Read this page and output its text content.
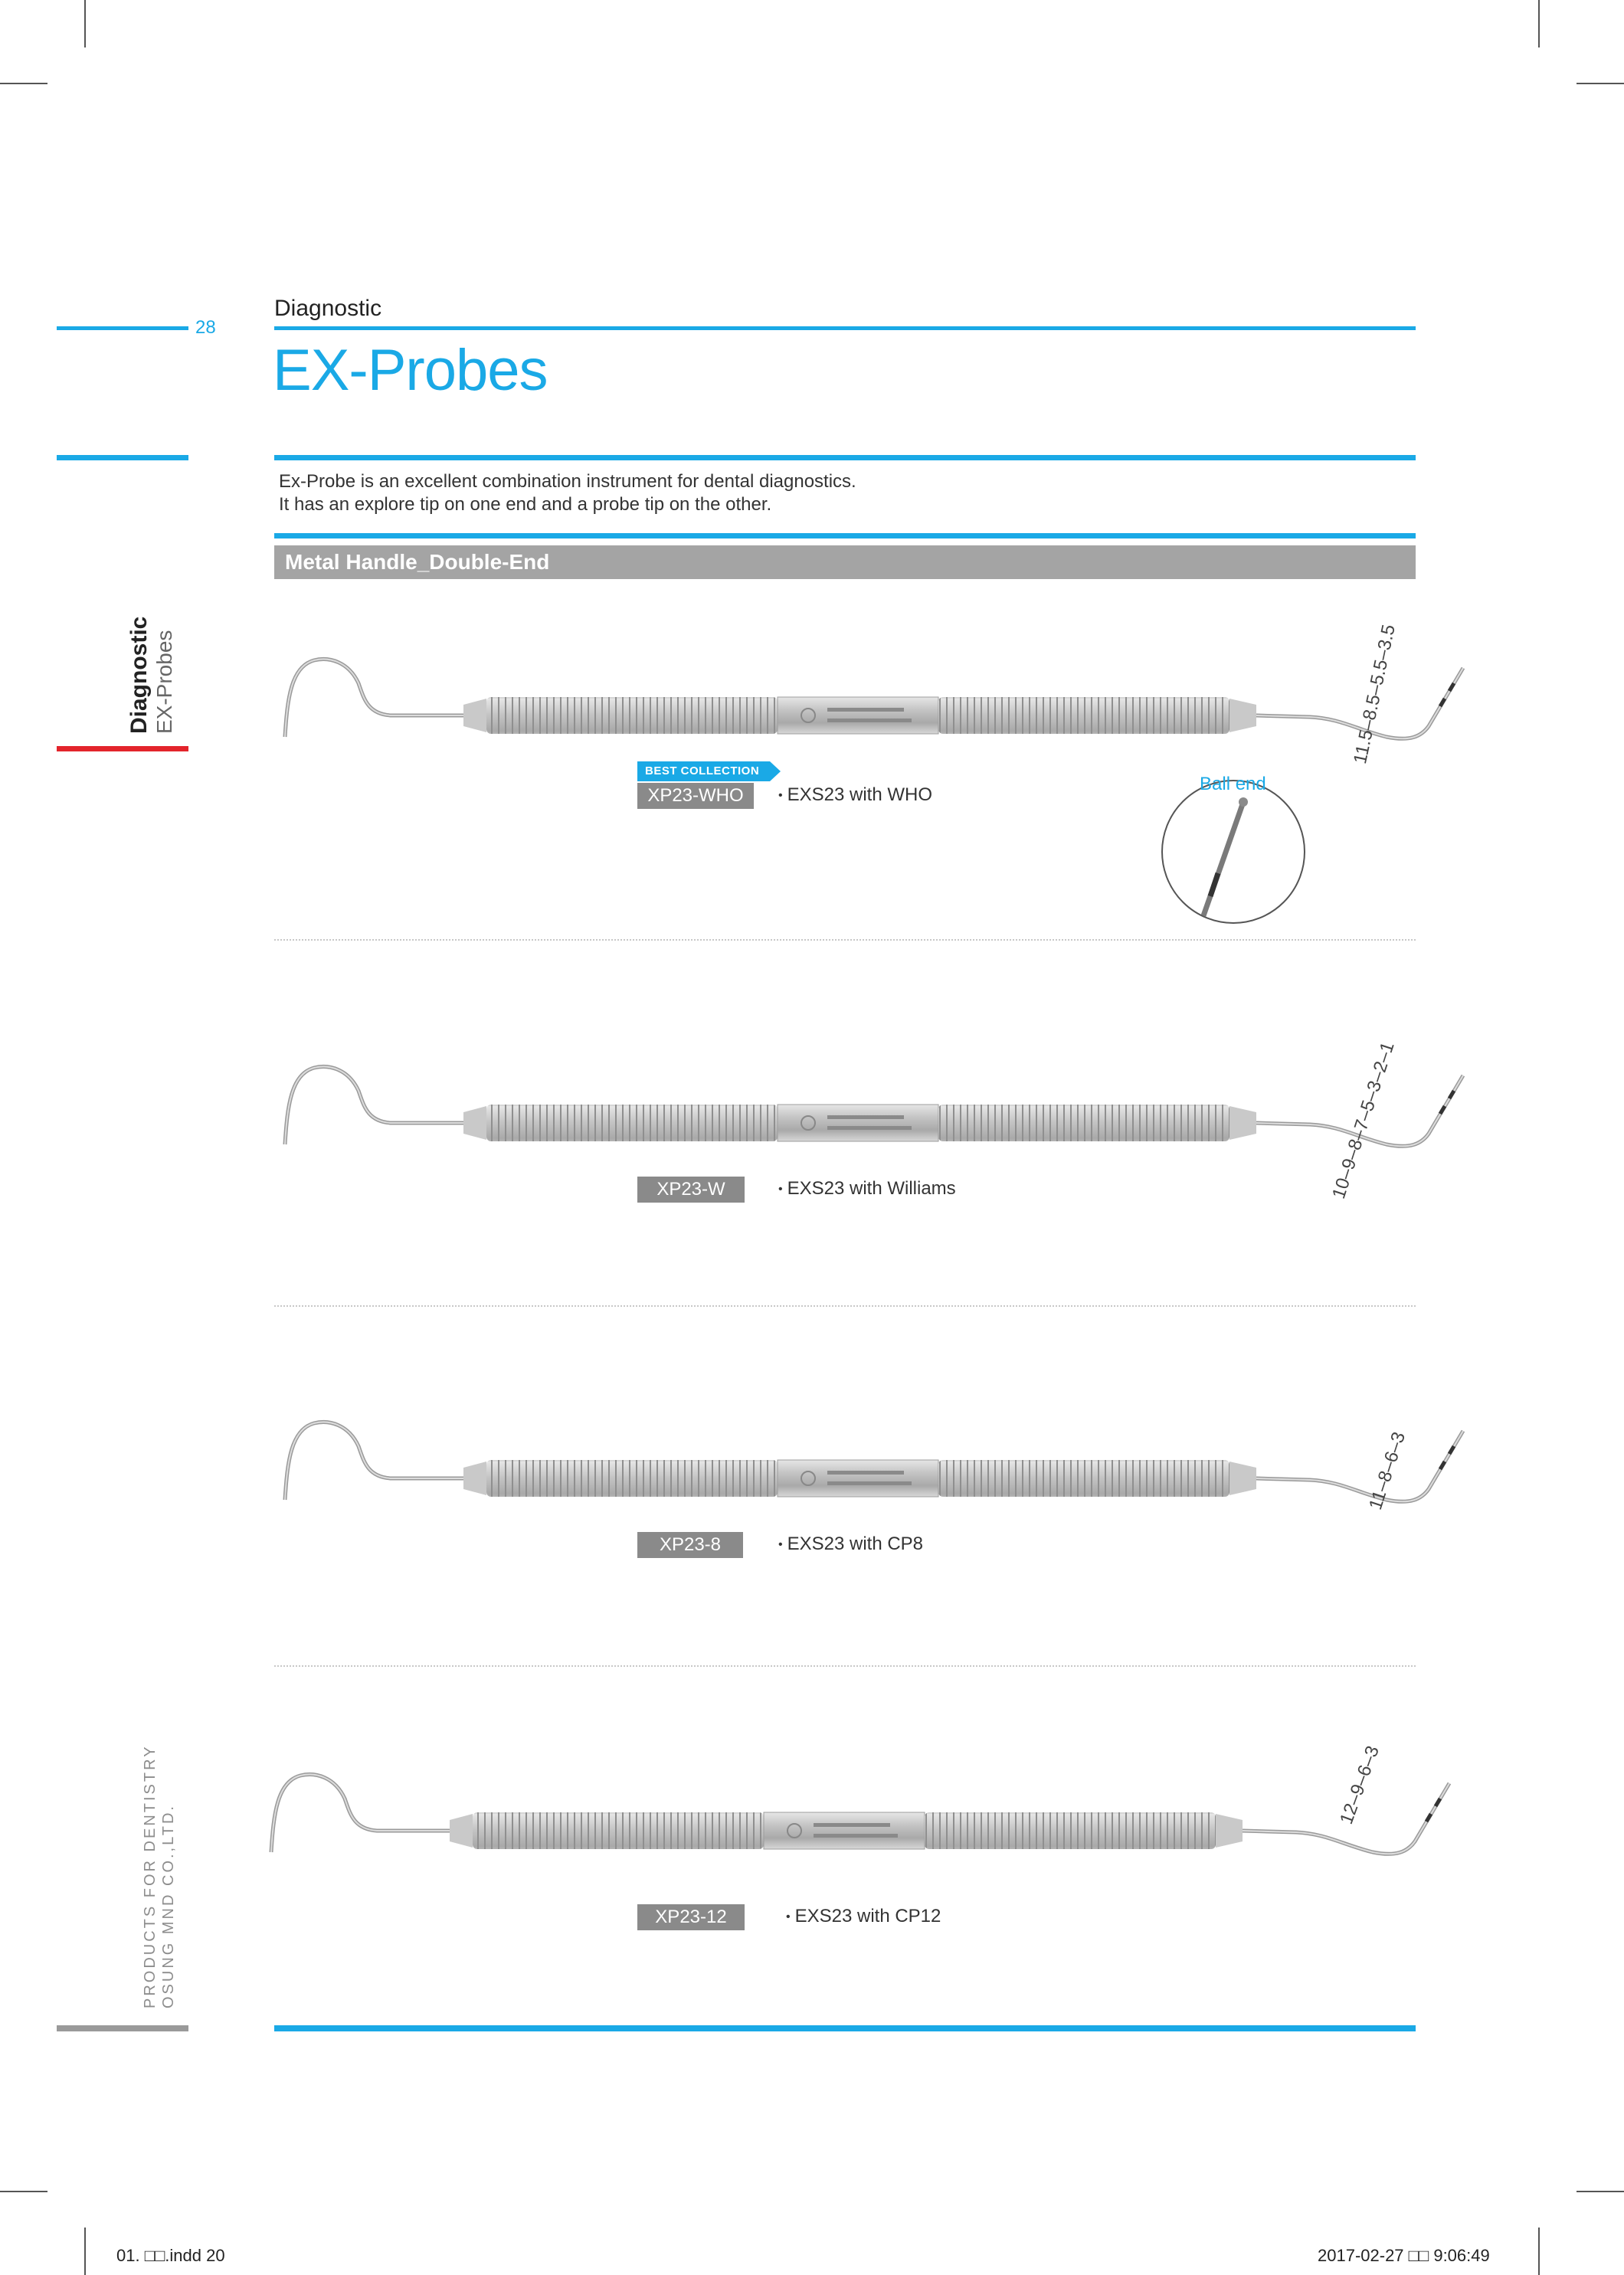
28
Diagnostic EX-Probes
PRODUCTS FOR DENTISTRY OSUNG MND CO.,LTD.
Diagnostic
EX-Probes
Ex-Probe is an excellent combination instrument for dental diagnostics.
It has an explore tip on one end and a probe tip on the other.
Metal Handle_Double-End
11.5–8.5–5.5–3.5
BEST COLLECTION
XP23-WHO	• EXS23 with WHO
Ball end
10–9–8–7–5–3–2–1
XP23-W	• EXS23 with Williams
11–8–6–3
XP23-8	• EXS23 with CP8
12–9–6–3
XP23-12	• EXS23 with CP12
01. □□.indd 20	2017-02-27 □□ 9:06:49
